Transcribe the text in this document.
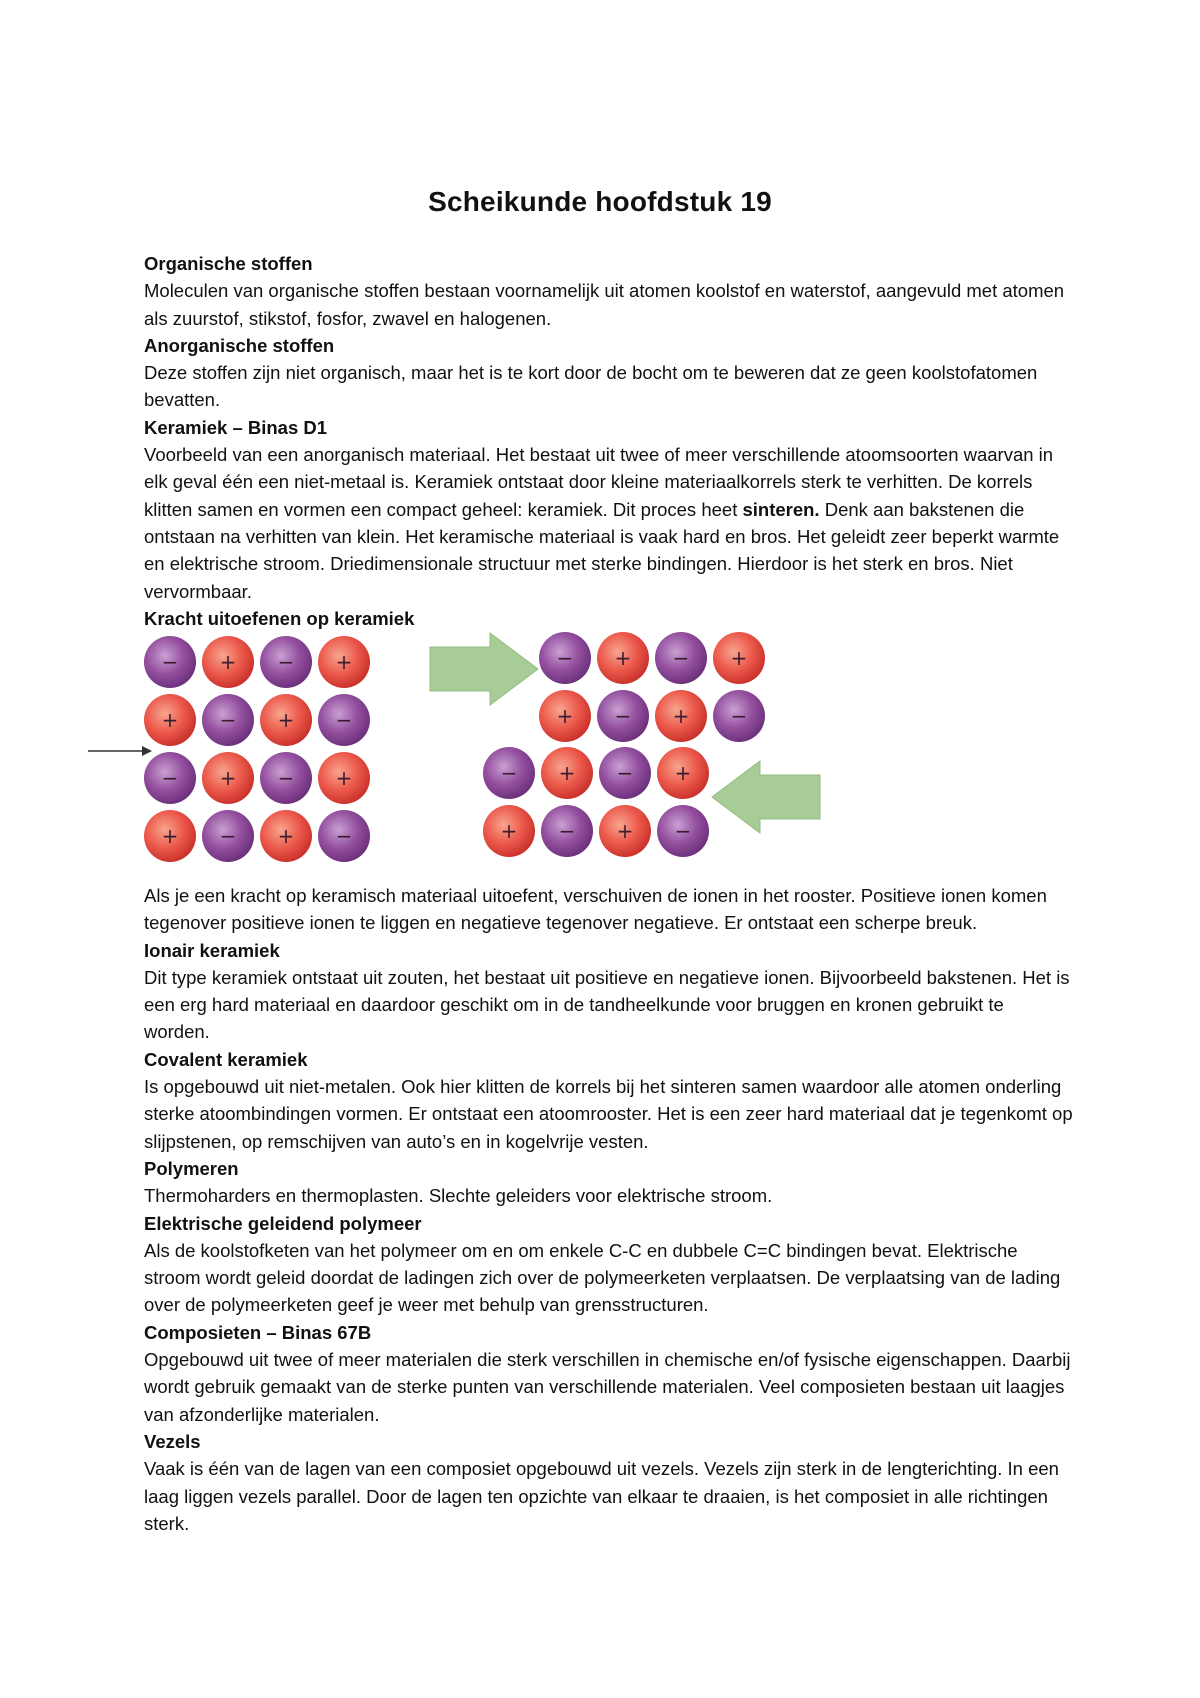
Scheikunde hoofdstuk 19

Organische stoffen

Moleculen van organische stoffen bestaan voornamelijk uit atomen koolstof en waterstof, aangevuld met atomen als zuurstof, stikstof, fosfor, zwavel en halogenen.

Anorganische stoffen

Deze stoffen zijn niet organisch, maar het is te kort door de bocht om te beweren dat ze geen koolstofatomen bevatten.

Keramiek – Binas D1

Voorbeeld van een anorganisch materiaal. Het bestaat uit twee of meer verschillende atoomsoorten waarvan in elk geval één een niet-metaal is. Keramiek ontstaat door kleine materiaalkorrels sterk te verhitten. De korrels klitten samen en vormen een compact geheel: keramiek. Dit proces heet sinteren. Denk aan bakstenen die ontstaan na verhitten van klein. Het keramische materiaal is vaak hard en bros. Het geleidt zeer beperkt warmte en elektrische stroom. Driedimensionale structuur met sterke bindingen. Hierdoor is het sterk en bros. Niet vervormbaar.

Kracht uitoefenen op keramiek

− + − +
+ − + −
− + − +
+ − + −
− + − +
+ − + −
− + − +
+ − + −

Als je een kracht op keramisch materiaal uitoefent, verschuiven de ionen in het rooster. Positieve ionen komen tegenover positieve ionen te liggen en negatieve tegenover negatieve. Er ontstaat een scherpe breuk.

Ionair keramiek

Dit type keramiek ontstaat uit zouten, het bestaat uit positieve en negatieve ionen. Bijvoorbeeld bakstenen. Het is een erg hard materiaal en daardoor geschikt om in de tandheelkunde voor bruggen en kronen gebruikt te worden.

Covalent keramiek

Is opgebouwd uit niet-metalen. Ook hier klitten de korrels bij het sinteren samen waardoor alle atomen onderling sterke atoombindingen vormen. Er ontstaat een atoomrooster. Het is een zeer hard materiaal dat je tegenkomt op slijpstenen, op remschijven van auto’s en in kogelvrije vesten.

Polymeren

Thermoharders en thermoplasten. Slechte geleiders voor elektrische stroom.

Elektrische geleidend polymeer

Als de koolstofketen van het polymeer om en om enkele C-C en dubbele C=C bindingen bevat. Elektrische stroom wordt geleid doordat de ladingen zich over de polymeerketen verplaatsen. De verplaatsing van de lading over de polymeerketen geef je weer met behulp van grensstructuren.

Composieten – Binas 67B

Opgebouwd uit twee of meer materialen die sterk verschillen in chemische en/of fysische eigenschappen. Daarbij wordt gebruik gemaakt van de sterke punten van verschillende materialen. Veel composieten bestaan uit laagjes van afzonderlijke materialen.

Vezels

Vaak is één van de lagen van een composiet opgebouwd uit vezels. Vezels zijn sterk in de lengterichting. In een laag liggen vezels parallel. Door de lagen ten opzichte van elkaar te draaien, is het composiet in alle richtingen sterk.
